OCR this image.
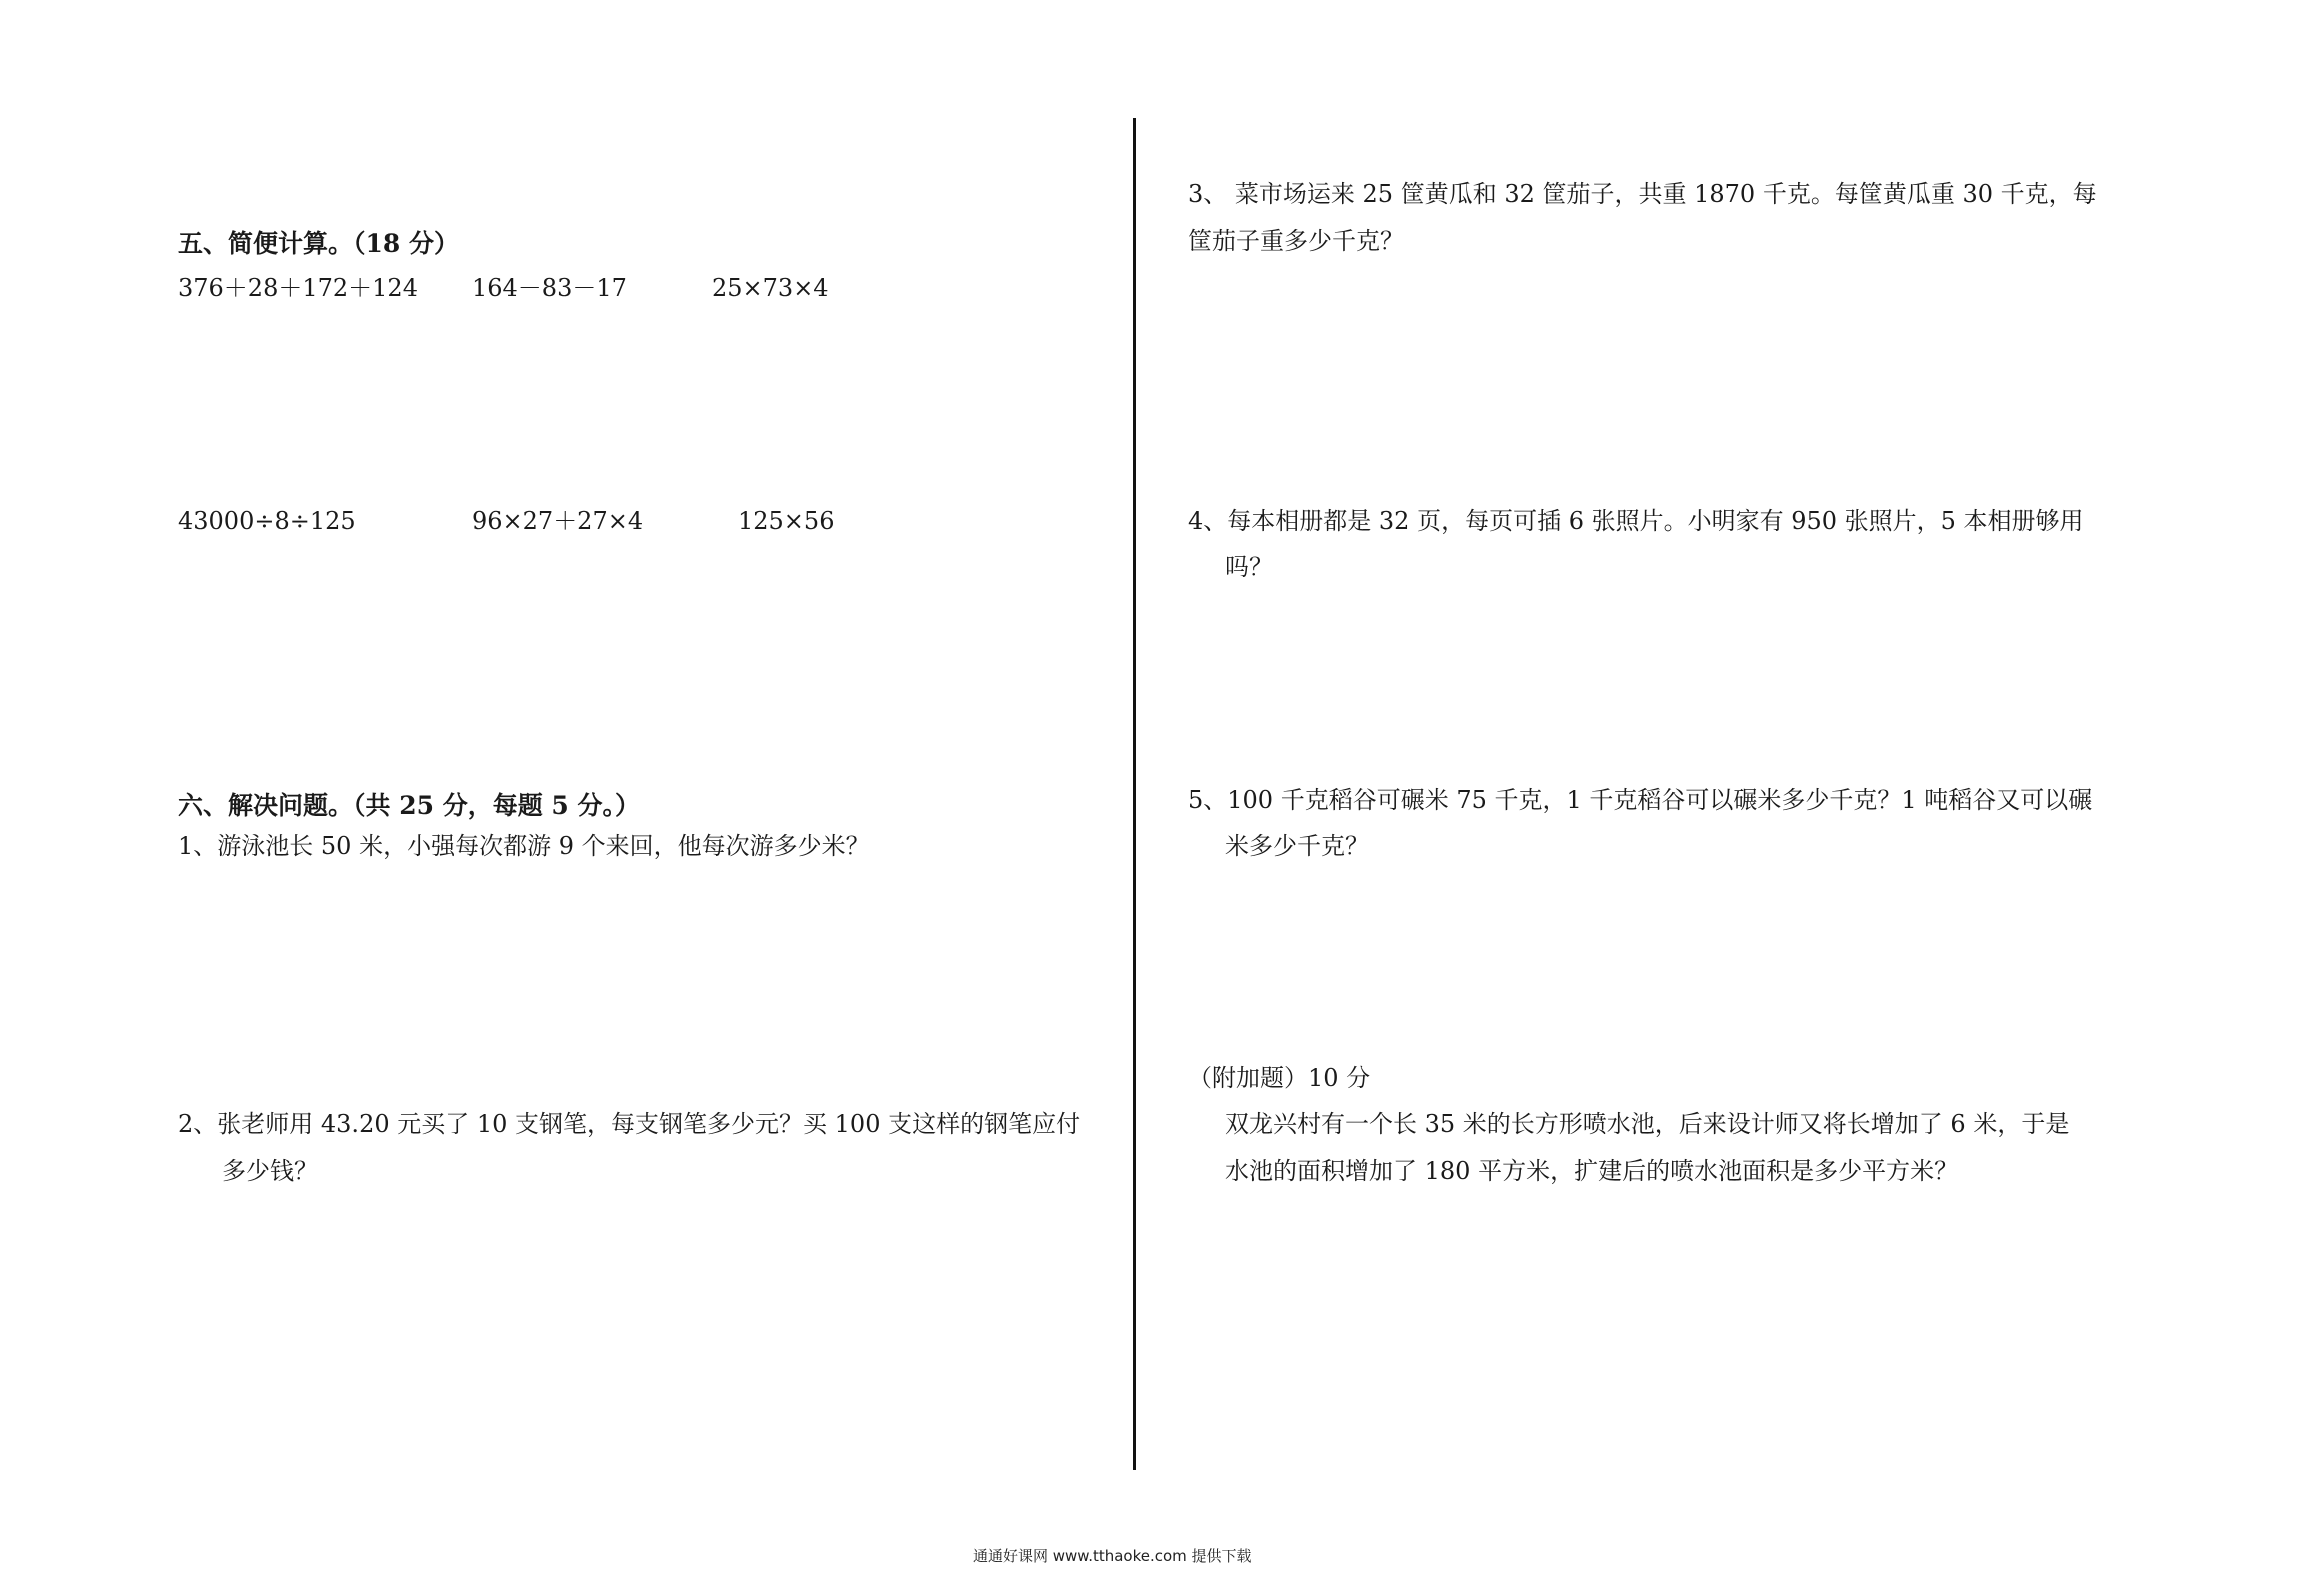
五、简便计算。（18 分）
376＋28＋172＋124 164－83－17	25×73×4
43000÷8÷125	96×27＋27×4	125×56
六、解决问题。（共 25 分，每题 5 分。）
1、游泳池长 50 米，小强每次都游 9 个来回，他每次游多少米？
2、张老师用 43.20 元买了 10 支钢笔，每支钢笔多少元？买 100 支这样的钢笔应付
多少钱？
3、 菜市场运来 25 筐黄瓜和 32 筐茄子，共重 1870 千克。每筐黄瓜重 30 千克，每
筐茄子重多少千克？
4、每本相册都是 32 页，每页可插 6 张照片。小明家有 950 张照片，5 本相册够用
吗？
5、100 千克稻谷可碾米 75 千克，1 千克稻谷可以碾米多少千克？1 吨稻谷又可以碾
米多少千克？
（附加题）10 分
双龙兴村有一个长 35 米的长方形喷水池，后来设计师又将长增加了 6 米，于是
水池的面积增加了 180 平方米，扩建后的喷水池面积是多少平方米？
通通好课网 www.tthaoke.com 提供下载
